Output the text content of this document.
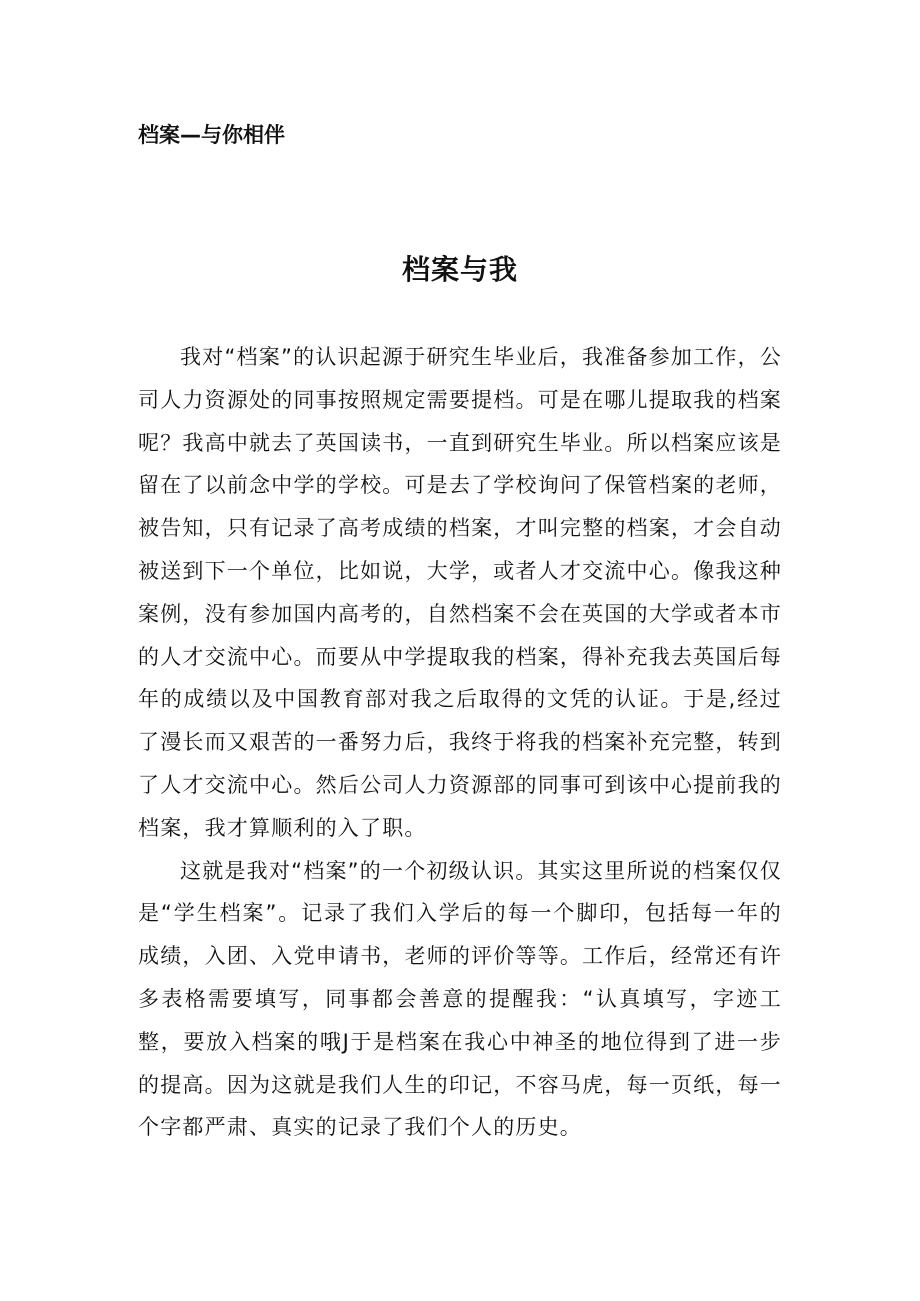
档案—与你相伴
档案与我

我对“档案”的认识起源于研究生毕业后，我准备参加工作，公司人力资源处的同事按照规定需要提档。可是在哪儿提取我的档案呢？我高中就去了英国读书，一直到研究生毕业。所以档案应该是留在了以前念中学的学校。可是去了学校询问了保管档案的老师，被告知，只有记录了高考成绩的档案，才叫完整的档案，才会自动被送到下一个单位，比如说，大学，或者人才交流中心。像我这种案例，没有参加国内高考的，自然档案不会在英国的大学或者本市的人才交流中心。而要从中学提取我的档案，得补充我去英国后每年的成绩以及中国教育部对我之后取得的文凭的认证。于是,经过了漫长而又艰苦的一番努力后，我终于将我的档案补充完整，转到了人才交流中心。然后公司人力资源部的同事可到该中心提前我的档案，我才算顺利的入了职。

这就是我对“档案”的一个初级认识。其实这里所说的档案仅仅是“学生档案”。记录了我们入学后的每一个脚印，包括每一年的成绩，入团、入党申请书，老师的评价等等。工作后，经常还有许多表格需要填写，同事都会善意的提醒我：“认真填写，字迹工整，要放入档案的哦J于是档案在我心中神圣的地位得到了进一步的提高。因为这就是我们人生的印记，不容马虎，每一页纸，每一个字都严肃、真实的记录了我们个人的历史。
